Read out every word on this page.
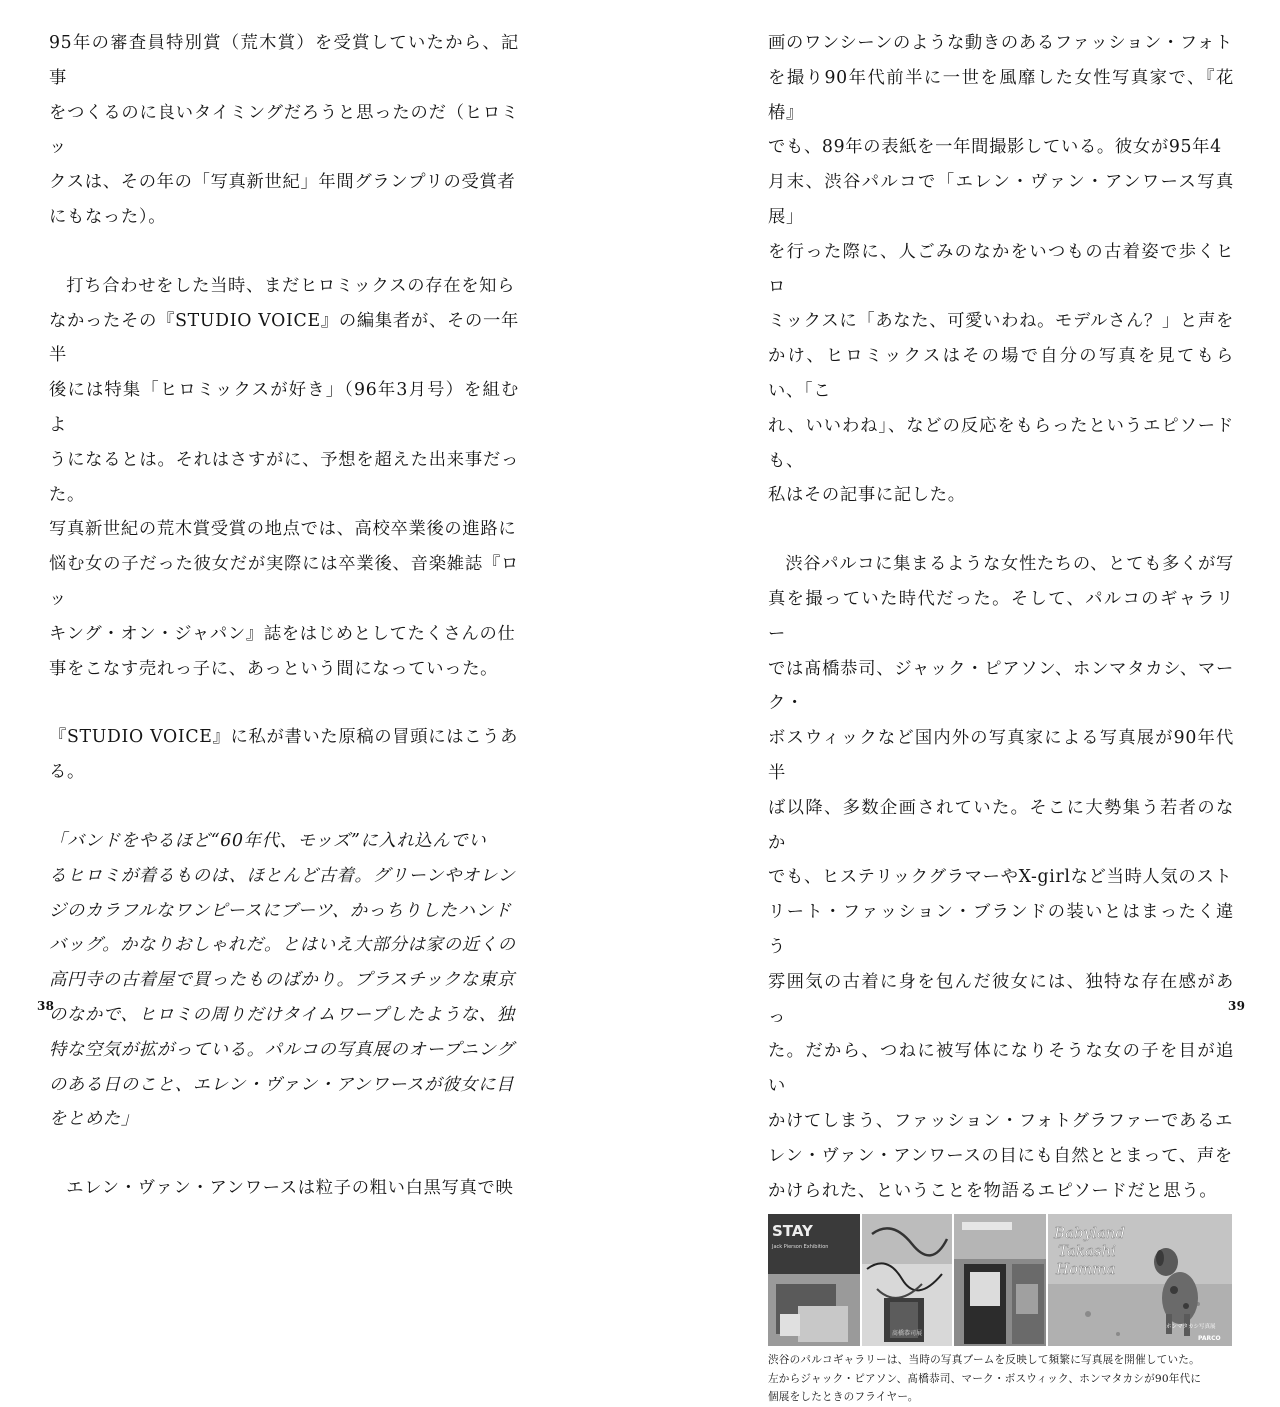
95年の審査員特別賞（荒木賞）を受賞していたから、記事
をつくるのに良いタイミングだろうと思ったのだ（ヒロミッ
クスは、その年の「写真新世紀」年間グランプリの受賞者
にもなった）。

打ち合わせをした当時、まだヒロミックスの存在を知ら
なかったその『STUDIO VOICE』の編集者が、その一年半
後には特集「ヒロミックスが好き」（96年3月号）を組むよ
うになるとは。それはさすがに、予想を超えた出来事だった。
写真新世紀の荒木賞受賞の地点では、高校卒業後の進路に
悩む女の子だった彼女だが実際には卒業後、音楽雑誌『ロッ
キング・オン・ジャパン』誌をはじめとしてたくさんの仕
事をこなす売れっ子に、あっという間になっていった。

『STUDIO VOICE』に私が書いた原稿の冒頭にはこうあ
る。

「バンドをやるほど“60年代、モッズ”に入れ込んでい
るヒロミが着るものは、ほとんど古着。グリーンやオレン
ジのカラフルなワンピースにブーツ、かっちりしたハンド
バッグ。かなりおしゃれだ。とはいえ大部分は家の近くの
高円寺の古着屋で買ったものばかり。プラスチックな東京
のなかで、ヒロミの周りだけタイムワープしたような、独
特な空気が拡がっている。パルコの写真展のオープニング
のある日のこと、エレン・ヴァン・アンワースが彼女に目
をとめた」

エレン・ヴァン・アンワースは粒子の粗い白黒写真で映

38

画のワンシーンのような動きのあるファッション・フォト
を撮り90年代前半に一世を風靡した女性写真家で、『花椿』
でも、89年の表紙を一年間撮影している。彼女が95年4
月末、渋谷パルコで「エレン・ヴァン・アンワース写真展」
を行った際に、人ごみのなかをいつもの古着姿で歩くヒロ
ミックスに「あなた、可愛いわね。モデルさん？」と声を
かけ、ヒロミックスはその場で自分の写真を見てもらい、「こ
れ、いいわね」、などの反応をもらったというエピソードも、
私はその記事に記した。

渋谷パルコに集まるような女性たちの、とても多くが写
真を撮っていた時代だった。そして、パルコのギャラリー
では髙橋恭司、ジャック・ピアソン、ホンマタカシ、マーク・
ボスウィックなど国内外の写真家による写真展が90年代半
ば以降、多数企画されていた。そこに大勢集う若者のなか
でも、ヒステリックグラマーやX-girlなど当時人気のスト
リート・ファッション・ブランドの装いとはまったく違う
雰囲気の古着に身を包んだ彼女には、独特な存在感があっ
た。だから、つねに被写体になりそうな女の子を目が追い
かけてしまう、ファッション・フォトグラファーであるエ
レン・ヴァン・アンワースの目にも自然ととまって、声を
かけられた、ということを物語るエピソードだと思う。

STAY
Jack Pierson Exhibition
髙橋恭司展
Babyland
Takashi
Homma
ホンマタカシ写真展
PARCO

渋谷のパルコギャラリーは、当時の写真ブームを反映して頻繁に写真展を開催していた。
左からジャック・ピアソン、髙橋恭司、マーク・ボスウィック、ホンマタカシが90年代に
個展をしたときのフライヤー。

39
